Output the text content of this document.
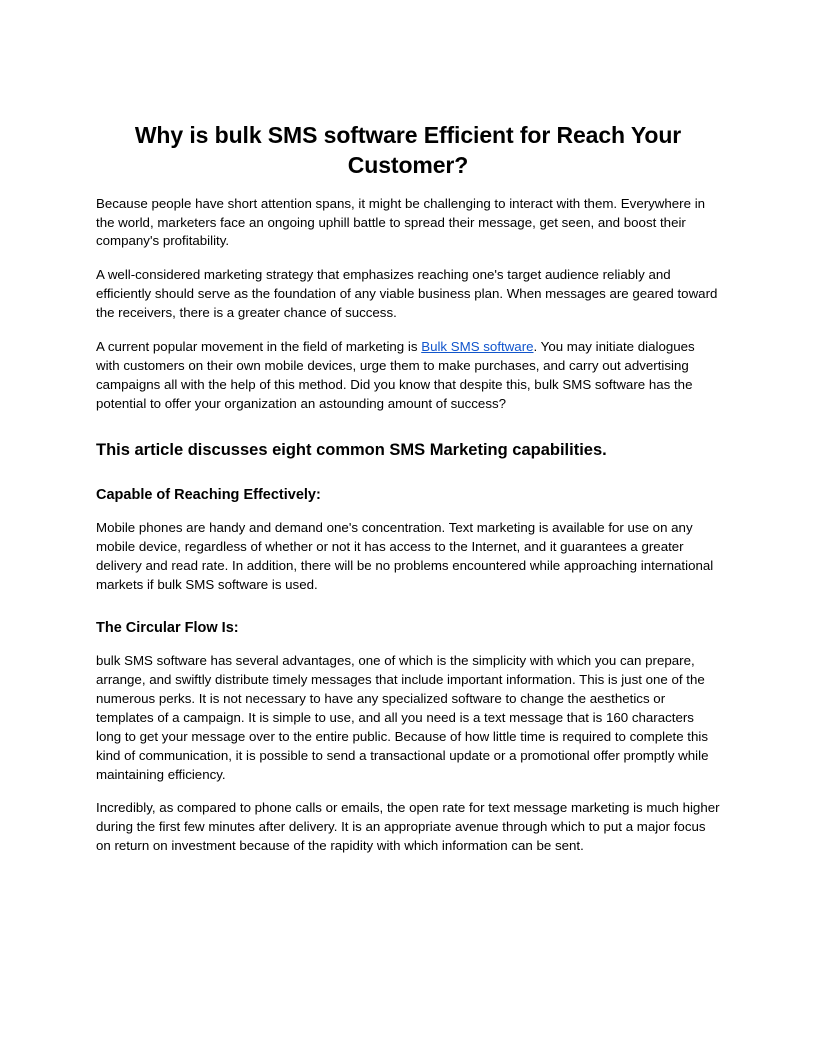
Why is bulk SMS software Efficient for Reach Your Customer?

Because people have short attention spans, it might be challenging to interact with them. Everywhere in the world, marketers face an ongoing uphill battle to spread their message, get seen, and boost their company's profitability.

A well-considered marketing strategy that emphasizes reaching one's target audience reliably and efficiently should serve as the foundation of any viable business plan. When messages are geared toward the receivers, there is a greater chance of success.

A current popular movement in the field of marketing is Bulk SMS software. You may initiate dialogues with customers on their own mobile devices, urge them to make purchases, and carry out advertising campaigns all with the help of this method. Did you know that despite this, bulk SMS software has the potential to offer your organization an astounding amount of success?

This article discusses eight common SMS Marketing capabilities.
Capable of Reaching Effectively:

Mobile phones are handy and demand one's concentration. Text marketing is available for use on any mobile device, regardless of whether or not it has access to the Internet, and it guarantees a greater delivery and read rate. In addition, there will be no problems encountered while approaching international markets if bulk SMS software is used.

The Circular Flow Is:

bulk SMS software has several advantages, one of which is the simplicity with which you can prepare, arrange, and swiftly distribute timely messages that include important information. This is just one of the numerous perks. It is not necessary to have any specialized software to change the aesthetics or templates of a campaign. It is simple to use, and all you need is a text message that is 160 characters long to get your message over to the entire public. Because of how little time is required to complete this kind of communication, it is possible to send a transactional update or a promotional offer promptly while maintaining efficiency.

Incredibly, as compared to phone calls or emails, the open rate for text message marketing is much higher during the first few minutes after delivery. It is an appropriate avenue through which to put a major focus on return on investment because of the rapidity with which information can be sent.
